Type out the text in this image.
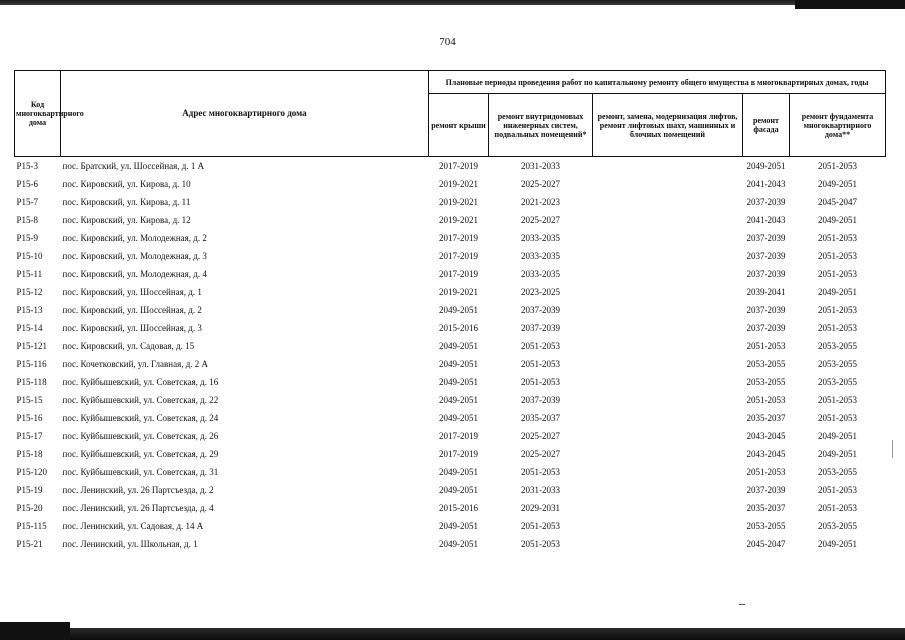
704
Код многоквартирного дома	Адрес многоквартирного дома	Плановые периоды проведения работ по капитальному ремонту общего имущества в многоквартирных домах, годы				
		ремонт крыши	ремонт внутридомовых инженерных систем, подвальных помещений*	ремонт, замена, модернизация лифтов, ремонт лифтовых шахт, машинных и блочных помещений	ремонт фасада	ремонт фундамента многоквартирного дома**
Р15-3	пос. Братский, ул. Шоссейная, д. 1 А	2017-2019	2031-2033		2049-2051	2051-2053
Р15-6	пос. Кировский, ул. Кирова, д. 10	2019-2021	2025-2027		2041-2043	2049-2051
Р15-7	пос. Кировский, ул. Кирова, д. 11	2019-2021	2021-2023		2037-2039	2045-2047
Р15-8	пос. Кировский, ул. Кирова, д. 12	2019-2021	2025-2027		2041-2043	2049-2051
Р15-9	пос. Кировский, ул. Молодежная, д. 2	2017-2019	2033-2035		2037-2039	2051-2053
Р15-10	пос. Кировский, ул. Молодежная, д. 3	2017-2019	2033-2035		2037-2039	2051-2053
Р15-11	пос. Кировский, ул. Молодежная, д. 4	2017-2019	2033-2035		2037-2039	2051-2053
Р15-12	пос. Кировский, ул. Шоссейная, д. 1	2019-2021	2023-2025		2039-2041	2049-2051
Р15-13	пос. Кировский, ул. Шоссейная, д. 2	2049-2051	2037-2039		2037-2039	2051-2053
Р15-14	пос. Кировский, ул. Шоссейная, д. 3	2015-2016	2037-2039		2037-2039	2051-2053
Р15-121	пос. Кировский, ул. Садовая, д. 15	2049-2051	2051-2053		2051-2053	2053-2055
Р15-116	пос. Кочетковский, ул. Главная, д. 2 А	2049-2051	2051-2053		2053-2055	2053-2055
Р15-118	пос. Куйбышевский, ул. Советская, д. 16	2049-2051	2051-2053		2053-2055	2053-2055
Р15-15	пос. Куйбышевский, ул. Советская, д. 22	2049-2051	2037-2039		2051-2053	2051-2053
Р15-16	пос. Куйбышевский, ул. Советская, д. 24	2049-2051	2035-2037		2035-2037	2051-2053
Р15-17	пос. Куйбышевский, ул. Советская, д. 26	2017-2019	2025-2027		2043-2045	2049-2051
Р15-18	пос. Куйбышевский, ул. Советская, д. 29	2017-2019	2025-2027		2043-2045	2049-2051
Р15-120	пос. Куйбышевский, ул. Советская, д. 31	2049-2051	2051-2053		2051-2053	2053-2055
Р15-19	пос. Ленинский, ул. 26 Партсъезда, д. 2	2049-2051	2031-2033		2037-2039	2051-2053
Р15-20	пос. Ленинский, ул. 26 Партсъезда, д. 4	2015-2016	2029-2031		2035-2037	2051-2053
Р15-115	пос. Ленинский, ул. Садовая, д. 14 А	2049-2051	2051-2053		2053-2055	2053-2055
Р15-21	пос. Ленинский, ул. Школьная, д. 1	2049-2051	2051-2053		2045-2047	2049-2051
